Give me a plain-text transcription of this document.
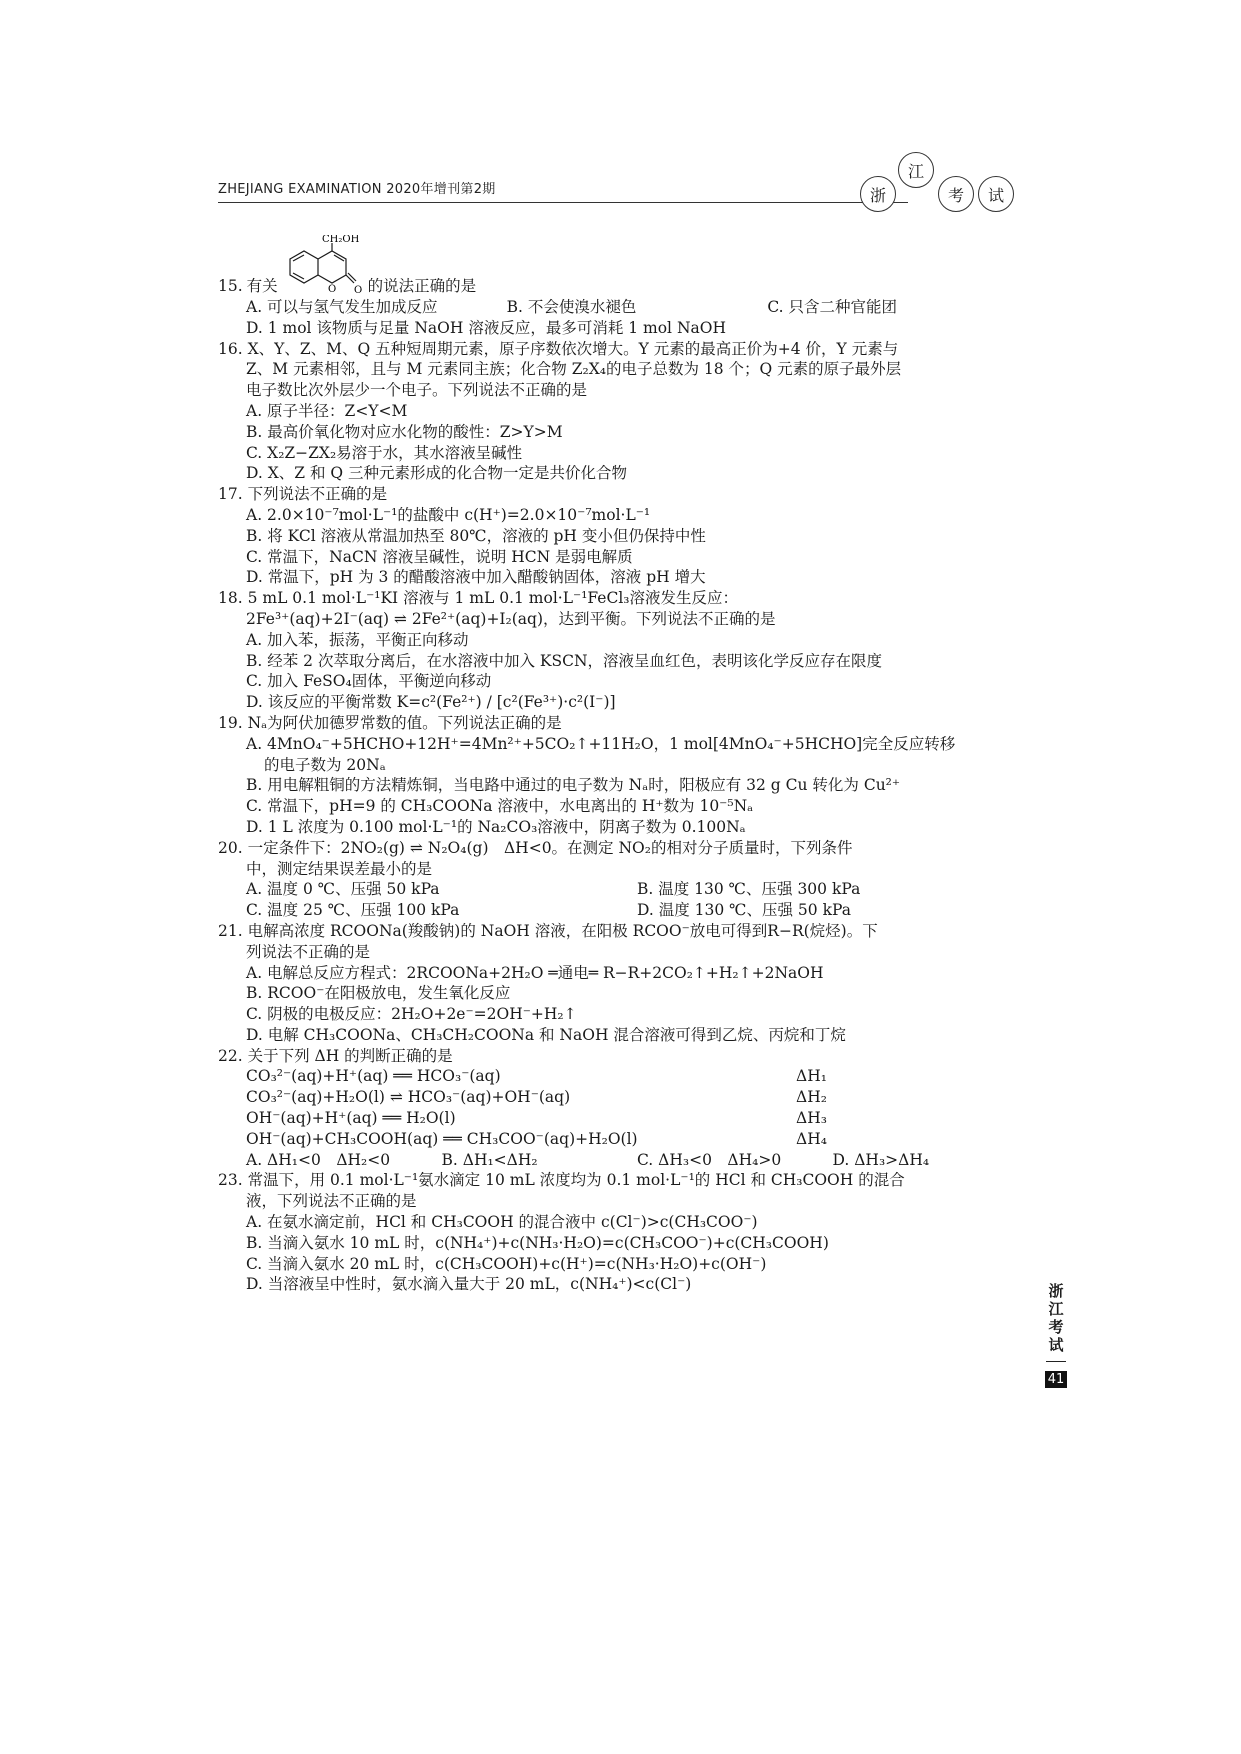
ZHEJIANG EXAMINATION 2020年增刊第2期	浙
江
考	试
15. 有关
CH₂OH
O O 的说法正确的是
A. 可以与氢气发生加成反应	B. 不会使溴水褪色	C. 只含二种官能团
D. 1 mol 该物质与足量 NaOH 溶液反应，最多可消耗 1 mol NaOH
16. X、Y、Z、M、Q 五种短周期元素，原子序数依次增大。Y 元素的最高正价为+4 价，Y 元素与
Z、M 元素相邻，且与 M 元素同主族；化合物 Z₂X₄的电子总数为 18 个；Q 元素的原子最外层
电子数比次外层少一个电子。下列说法不正确的是
A. 原子半径：Z<Y<M
B. 最高价氧化物对应水化物的酸性：Z>Y>M
C. X₂Z−ZX₂易溶于水，其水溶液呈碱性
D. X、Z 和 Q 三种元素形成的化合物一定是共价化合物
17. 下列说法不正确的是
A. 2.0×10⁻⁷mol·L⁻¹的盐酸中 c(H⁺)=2.0×10⁻⁷mol·L⁻¹
B. 将 KCl 溶液从常温加热至 80℃，溶液的 pH 变小但仍保持中性
C. 常温下，NaCN 溶液呈碱性，说明 HCN 是弱电解质
D. 常温下，pH 为 3 的醋酸溶液中加入醋酸钠固体，溶液 pH 增大
18. 5 mL 0.1 mol·L⁻¹KI 溶液与 1 mL 0.1 mol·L⁻¹FeCl₃溶液发生反应：
2Fe³⁺(aq)+2I⁻(aq) ⇌ 2Fe²⁺(aq)+I₂(aq)，达到平衡。下列说法不正确的是
A. 加入苯，振荡，平衡正向移动
B. 经苯 2 次萃取分离后，在水溶液中加入 KSCN，溶液呈血红色，表明该化学反应存在限度
C. 加入 FeSO₄固体，平衡逆向移动
D. 该反应的平衡常数 K=c²(Fe²⁺) / [c²(Fe³⁺)·c²(I⁻)]
19. Nₐ为阿伏加德罗常数的值。下列说法正确的是
A. 4MnO₄⁻+5HCHO+12H⁺=4Mn²⁺+5CO₂↑+11H₂O，1 mol[4MnO₄⁻+5HCHO]完全反应转移
的电子数为 20Nₐ
B. 用电解粗铜的方法精炼铜，当电路中通过的电子数为 Nₐ时，阳极应有 32 g Cu 转化为 Cu²⁺
C. 常温下，pH=9 的 CH₃COONa 溶液中，水电离出的 H⁺数为 10⁻⁵Nₐ
D. 1 L 浓度为 0.100 mol·L⁻¹的 Na₂CO₃溶液中，阴离子数为 0.100Nₐ
20. 一定条件下：2NO₂(g) ⇌ N₂O₄(g)　ΔH<0。在测定 NO₂的相对分子质量时，下列条件
中，测定结果误差最小的是
A. 温度 0 ℃、压强 50 kPa	B. 温度 130 ℃、压强 300 kPa
C. 温度 25 ℃、压强 100 kPa	D. 温度 130 ℃、压强 50 kPa
21. 电解高浓度 RCOONa(羧酸钠)的 NaOH 溶液，在阳极 RCOO⁻放电可得到R−R(烷烃)。下
列说法不正确的是
A. 电解总反应方程式：2RCOONa+2H₂O ═通电═ R−R+2CO₂↑+H₂↑+2NaOH
B. RCOO⁻在阳极放电，发生氧化反应
C. 阴极的电极反应：2H₂O+2e⁻=2OH⁻+H₂↑
D. 电解 CH₃COONa、CH₃CH₂COONa 和 NaOH 混合溶液可得到乙烷、丙烷和丁烷
22. 关于下列 ΔH 的判断正确的是
CO₃²⁻(aq)+H⁺(aq) ══ HCO₃⁻(aq)	ΔH₁
CO₃²⁻(aq)+H₂O(l) ⇌ HCO₃⁻(aq)+OH⁻(aq)	ΔH₂
OH⁻(aq)+H⁺(aq) ══ H₂O(l)	ΔH₃
OH⁻(aq)+CH₃COOH(aq) ══ CH₃COO⁻(aq)+H₂O(l)	ΔH₄
A. ΔH₁<0　ΔH₂<0	B. ΔH₁<ΔH₂	C. ΔH₃<0　ΔH₄>0	D. ΔH₃>ΔH₄
23. 常温下，用 0.1 mol·L⁻¹氨水滴定 10 mL 浓度均为 0.1 mol·L⁻¹的 HCl 和 CH₃COOH 的混合
液，下列说法不正确的是
A. 在氨水滴定前，HCl 和 CH₃COOH 的混合液中 c(Cl⁻)>c(CH₃COO⁻)
B. 当滴入氨水 10 mL 时，c(NH₄⁺)+c(NH₃·H₂O)=c(CH₃COO⁻)+c(CH₃COOH)
C. 当滴入氨水 20 mL 时，c(CH₃COOH)+c(H⁺)=c(NH₃·H₂O)+c(OH⁻)
D. 当溶液呈中性时，氨水滴入量大于 20 mL，c(NH₄⁺)<c(Cl⁻)	浙江考试
41
